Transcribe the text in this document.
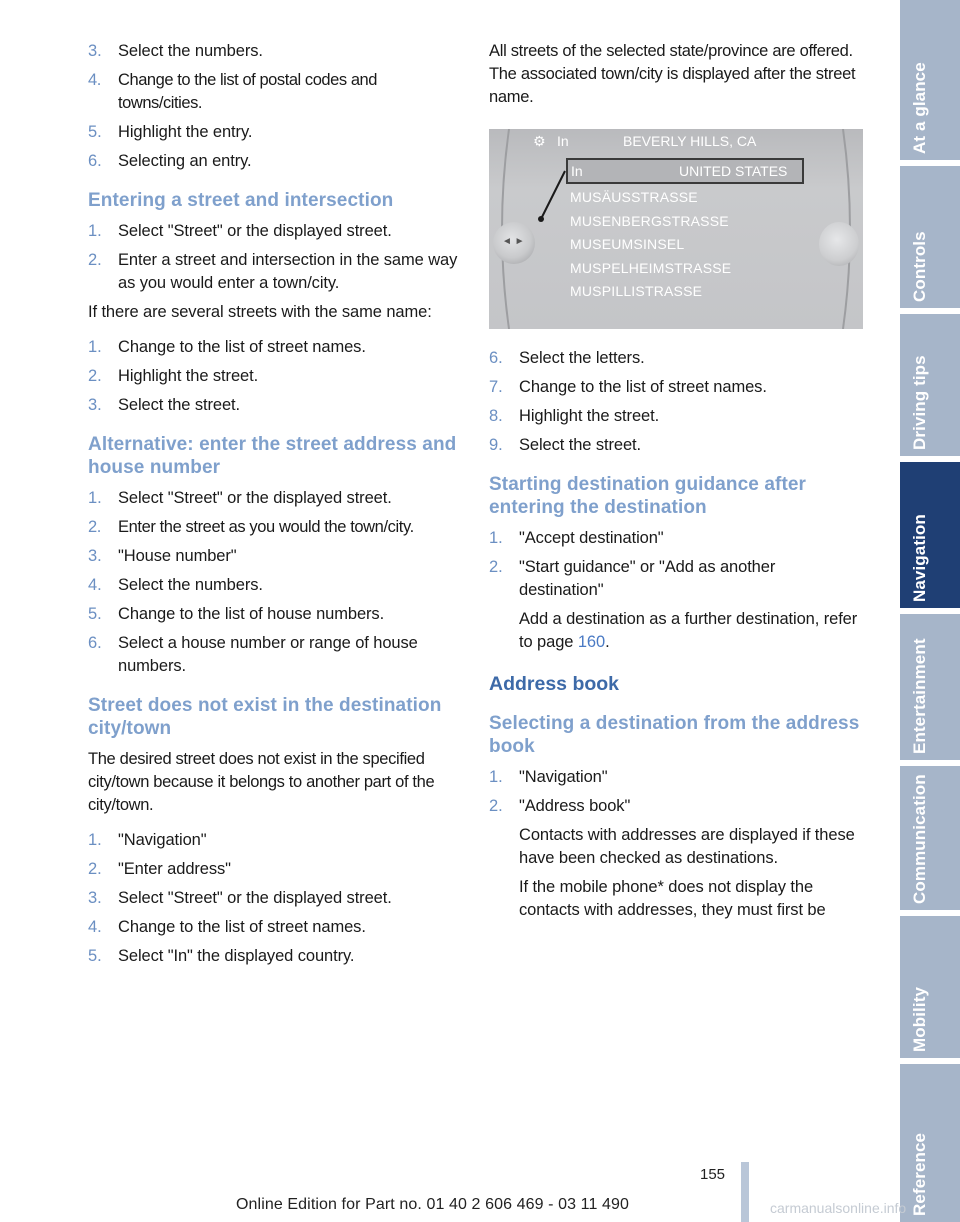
3. Select the numbers.
4. Change to the list of postal codes and towns/cities.
5. Highlight the entry.
6. Selecting an entry.
Entering a street and intersection
1. Select "Street" or the displayed street.
2. Enter a street and intersection in the same way as you would enter a town/city.

If there are several streets with the same name:

1. Change to the list of street names.
2. Highlight the street.
3. Select the street.
Alternative: enter the street address and house number
1. Select "Street" or the displayed street.
2. Enter the street as you would the town/city.
3. "House number"
4. Select the numbers.
5. Change to the list of house numbers.
6. Select a house number or range of house numbers.
Street does not exist in the destination city/town

The desired street does not exist in the specified city/town because it belongs to another part of the city/town.

1. "Navigation"
2. "Enter address"
3. Select "Street" or the displayed street.
4. Change to the list of street names.
5. Select "In" the displayed country.

All streets of the selected state/province are offered. The associated town/city is displayed after the street name.

⚙ In	BEVERLY HILLS, CA
In	UNITED STATES
MUSÄUSSTRASSE
MUSENBERGSTRASSE
MUSEUMSINSEL
MUSPELHEIMSTRASSE
MUSPILLISTRASSE
◄ ►
6. Select the letters.
7. Change to the list of street names.
8. Highlight the street.
9. Select the street.
Starting destination guidance after entering the destination
1. "Accept destination"
2. "Start guidance" or "Add as another destination"
Add a destination as a further destination, refer to page 160.
Address book
Selecting a destination from the address book
1. "Navigation"
2. "Address book"
Contacts with addresses are displayed if these have been checked as destinations.
If the mobile phone* does not display the contacts with addresses, they must first be
At a glance
Controls
Driving tips
Navigation
Entertainment
Communication
Mobility
Reference
155
Online Edition for Part no. 01 40 2 606 469 - 03 11 490	carmanualsonline.info
